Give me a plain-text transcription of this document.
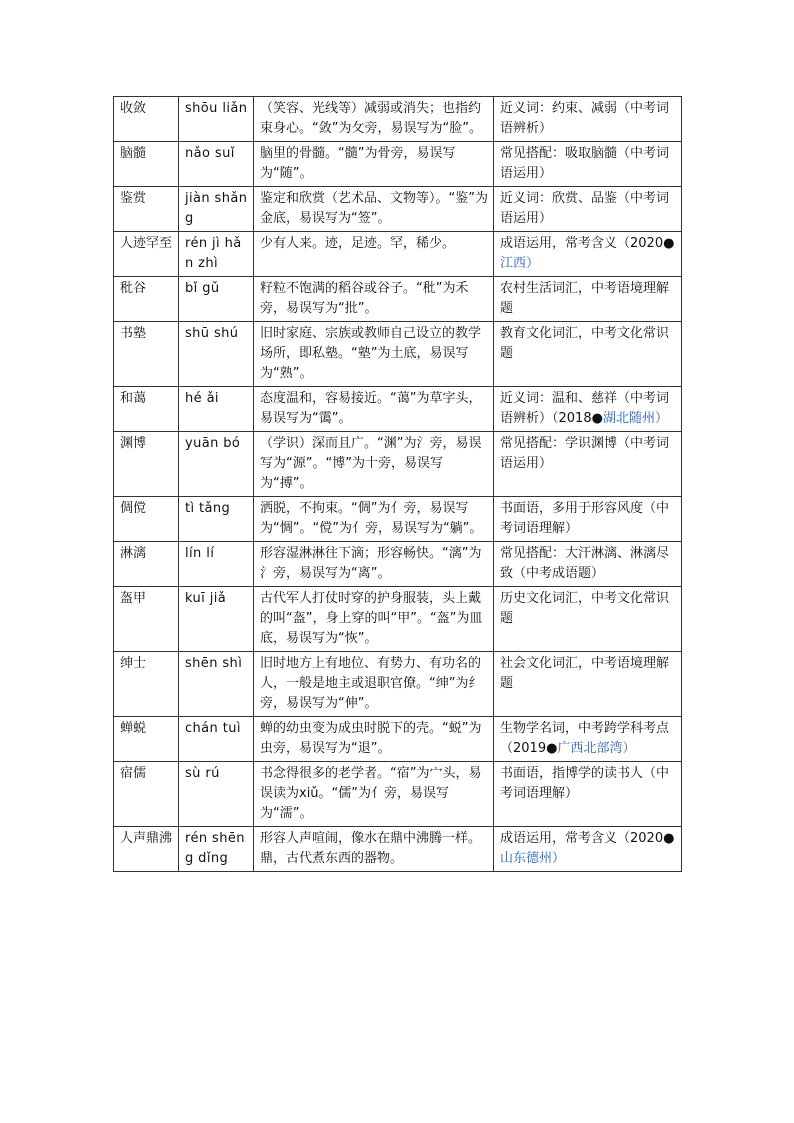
收敛	shōu liǎn	（笑容、光线等）减弱或消失；也指约束身心。“敛”为攵旁，易误写为“脸”。	近义词：约束、减弱（中考词语辨析）
脑髓	nǎo suǐ	脑里的骨髓。“髓”为骨旁，易误写为“随”。	常见搭配：吸取脑髓（中考词语运用）
鉴赏	jiàn shǎng	鉴定和欣赏（艺术品、文物等）。“鉴”为金底，易误写为“签”。	近义词：欣赏、品鉴（中考词语运用）
人迹罕至	rén jì hǎn zhì	少有人来。迹，足迹。罕，稀少。	成语运用，常考含义（2020●江西）
秕谷	bǐ gǔ	籽粒不饱满的稻谷或谷子。“秕”为禾旁，易误写为“批”。	农村生活词汇，中考语境理解题
书塾	shū shú	旧时家庭、宗族或教师自己设立的教学场所，即私塾。“塾”为土底，易误写为“熟”。	教育文化词汇，中考文化常识题
和蔼	hé ǎi	态度温和，容易接近。“蔼”为草字头，易误写为“霭”。	近义词：温和、慈祥（中考词语辨析）（2018●湖北随州）
渊博	yuān bó	（学识）深而且广。“渊”为氵旁，易误写为“源”。“博”为十旁，易误写为“搏”。	常见搭配：学识渊博（中考词语运用）
倜傥	tì tǎng	洒脱，不拘束。“倜”为亻旁，易误写为“惆”。“傥”为亻旁，易误写为“躺”。	书面语，多用于形容风度（中考词语理解）
淋漓	lín lí	形容湿淋淋往下滴；形容畅快。“漓”为氵旁，易误写为“离”。	常见搭配：大汗淋漓、淋漓尽致（中考成语题）
盔甲	kuī jiǎ	古代军人打仗时穿的护身服装，头上戴的叫“盔”，身上穿的叫“甲”。“盔”为皿底，易误写为“恢”。	历史文化词汇，中考文化常识题
绅士	shēn shì	旧时地方上有地位、有势力、有功名的人，一般是地主或退职官僚。“绅”为纟旁，易误写为“伸”。	社会文化词汇，中考语境理解题
蝉蜕	chán tuì	蝉的幼虫变为成虫时脱下的壳。“蜕”为虫旁，易误写为“退”。	生物学名词，中考跨学科考点（2019●广西北部湾）
宿儒	sù rú	书念得很多的老学者。“宿”为宀头，易误读为xiǔ。“儒”为亻旁，易误写为“濡”。	书面语，指博学的读书人（中考词语理解）
人声鼎沸	rén shēng dǐng	形容人声喧闹，像水在鼎中沸腾一样。鼎，古代煮东西的器物。	成语运用，常考含义（2020●山东德州）
